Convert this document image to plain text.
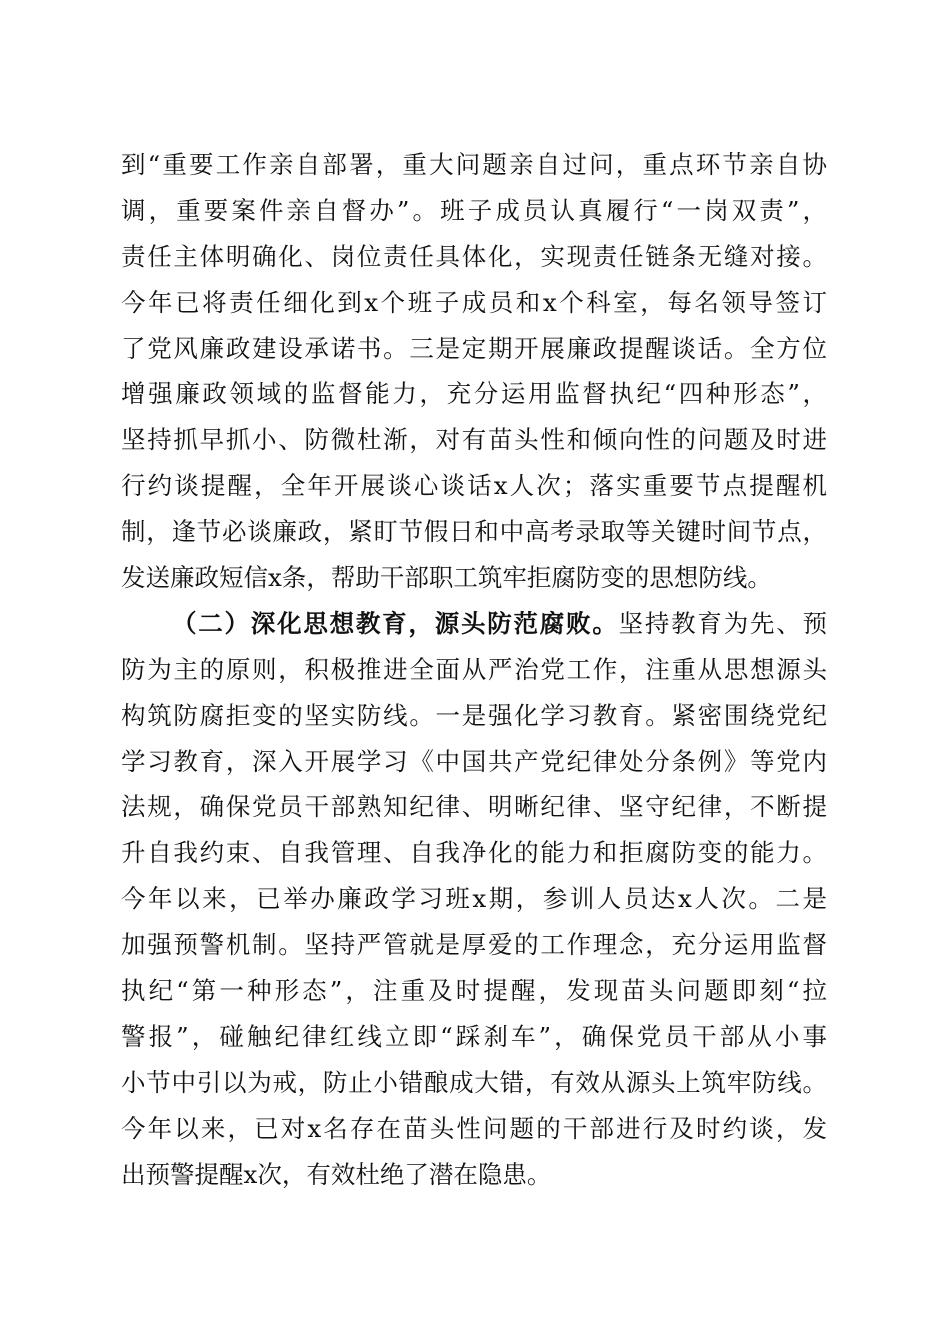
到“重要工作亲自部署，重大问题亲自过问，重点环节亲自协
调，重要案件亲自督办”。班子成员认真履行“一岗双责”，
责任主体明确化、岗位责任具体化，实现责任链条无缝对接。
今年已将责任细化到x个班子成员和x个科室，每名领导签订
了党风廉政建设承诺书。三是定期开展廉政提醒谈话。全方位
增强廉政领域的监督能力，充分运用监督执纪“四种形态”，
坚持抓早抓小、防微杜渐，对有苗头性和倾向性的问题及时进
行约谈提醒，全年开展谈心谈话x人次；落实重要节点提醒机
制，逢节必谈廉政，紧盯节假日和中高考录取等关键时间节点，
发送廉政短信x条，帮助干部职工筑牢拒腐防变的思想防线。
（二）深化思想教育，源头防范腐败。坚持教育为先、预
防为主的原则，积极推进全面从严治党工作，注重从思想源头
构筑防腐拒变的坚实防线。一是强化学习教育。紧密围绕党纪
学习教育，深入开展学习《中国共产党纪律处分条例》等党内
法规，确保党员干部熟知纪律、明晰纪律、坚守纪律，不断提
升自我约束、自我管理、自我净化的能力和拒腐防变的能力。
今年以来，已举办廉政学习班x期，参训人员达x人次。二是
加强预警机制。坚持严管就是厚爱的工作理念，充分运用监督
执纪“第一种形态”，注重及时提醒，发现苗头问题即刻“拉
警报”，碰触纪律红线立即“踩刹车”，确保党员干部从小事
小节中引以为戒，防止小错酿成大错，有效从源头上筑牢防线。
今年以来，已对x名存在苗头性问题的干部进行及时约谈，发
出预警提醒x次，有效杜绝了潜在隐患。
